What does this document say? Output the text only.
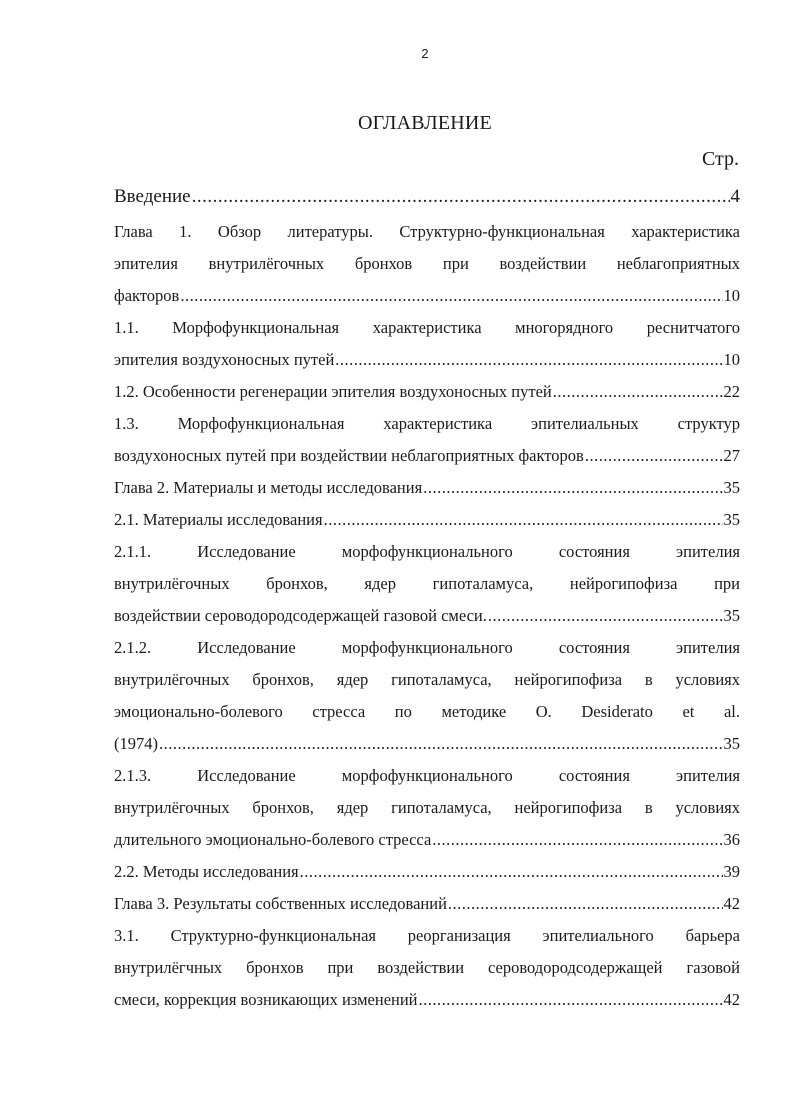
2
ОГЛАВЛЕНИЕ
Стр.
Введение .....	4
Глава 1. Обзор литературы. Структурно-функциональная характеристика
эпителия внутрилёгочных бронхов при воздействии неблагоприятных
факторов .....	10
1.1. Морфофункциональная характеристика многорядного реснитчатого
эпителия воздухоносных путей .....	10
1.2. Особенности регенерации эпителия воздухоносных путей .....	22
1.3. Морфофункциональная характеристика эпителиальных структур
воздухоносных путей при воздействии неблагоприятных факторов .....	27
Глава 2. Материалы и методы исследования .....	35
2.1. Материалы исследования .....	35
2.1.1. Исследование морфофункционального состояния эпителия
внутрилёгочных бронхов, ядер гипоталамуса, нейрогипофиза при
воздействии сероводородсодержащей газовой смеси. .....	35
2.1.2. Исследование морфофункционального состояния эпителия
внутрилёгочных бронхов, ядер гипоталамуса, нейрогипофиза в условиях
эмоционально-болевого стресса по методике O. Desiderato et al.
(1974) .....	35
2.1.3. Исследование морфофункционального состояния эпителия
внутрилёгочных бронхов, ядер гипоталамуса, нейрогипофиза в условиях
длительного эмоционально-болевого стресса .....	36
2.2. Методы исследования .....	39
Глава 3. Результаты собственных исследований .....	42
3.1. Структурно-функциональная реорганизация эпителиального барьера
внутрилёгчных бронхов при воздействии сероводородсодержащей газовой
смеси, коррекция возникающих изменений .....	42
